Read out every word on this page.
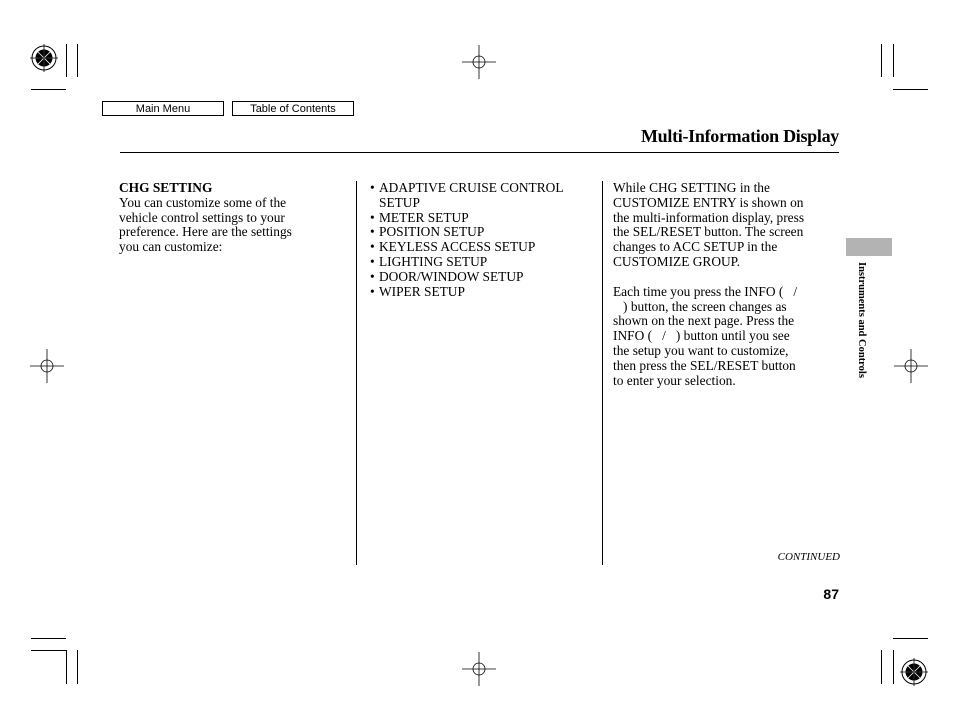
Main Menu	Table of Contents
Multi-Information Display
CHG SETTING
You can customize some of the
vehicle control settings to your
preference. Here are the settings
you can customize:
• ADAPTIVE CRUISE CONTROL SETUP
• METER SETUP
• POSITION SETUP
• KEYLESS ACCESS SETUP
• LIGHTING SETUP
• DOOR/WINDOW SETUP
• WIPER SETUP
While CHG SETTING in the
CUSTOMIZE ENTRY is shown on
the multi-information display, press
the SEL/RESET button. The screen
changes to ACC SETUP in the
CUSTOMIZE GROUP.
Each time you press the INFO (   /
) button, the screen changes as
shown on the next page. Press the
INFO (   /   ) button until you see
the setup you want to customize,
then press the SEL/RESET button
to enter your selection.
Instruments and Controls
CONTINUED
87
